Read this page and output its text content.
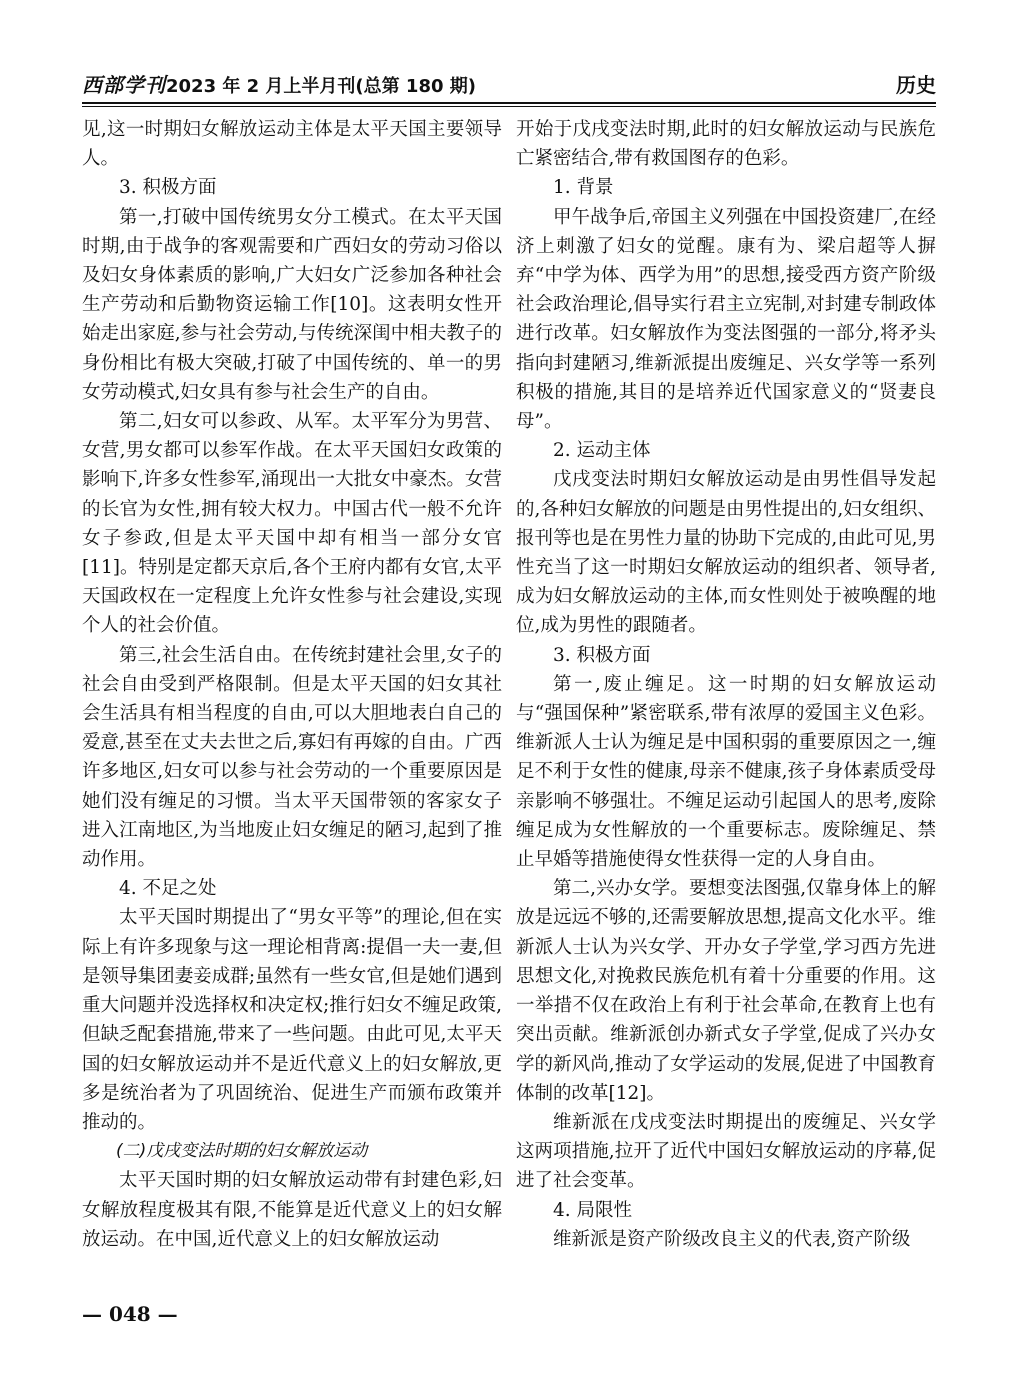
西部学刊 2023 年 2 月上半月刊(总第 180 期)	历史

见,这一时期妇女解放运动主体是太平天国主要领导人。

3. 积极方面

第一,打破中国传统男女分工模式。在太平天国时期,由于战争的客观需要和广西妇女的劳动习俗以及妇女身体素质的影响,广大妇女广泛参加各种社会生产劳动和后勤物资运输工作[10]。这表明女性开始走出家庭,参与社会劳动,与传统深闺中相夫教子的身份相比有极大突破,打破了中国传统的、单一的男女劳动模式,妇女具有参与社会生产的自由。

第二,妇女可以参政、从军。太平军分为男营、女营,男女都可以参军作战。在太平天国妇女政策的影响下,许多女性参军,涌现出一大批女中豪杰。女营的长官为女性,拥有较大权力。中国古代一般不允许女子参政,但是太平天国中却有相当一部分女官[11]。特别是定都天京后,各个王府内都有女官,太平天国政权在一定程度上允许女性参与社会建设,实现个人的社会价值。

第三,社会生活自由。在传统封建社会里,女子的社会自由受到严格限制。但是太平天国的妇女其社会生活具有相当程度的自由,可以大胆地表白自己的爱意,甚至在丈夫去世之后,寡妇有再嫁的自由。广西许多地区,妇女可以参与社会劳动的一个重要原因是她们没有缠足的习惯。当太平天国带领的客家女子进入江南地区,为当地废止妇女缠足的陋习,起到了推动作用。

4. 不足之处

太平天国时期提出了“男女平等”的理论,但在实际上有许多现象与这一理论相背离:提倡一夫一妻,但是领导集团妻妾成群;虽然有一些女官,但是她们遇到重大问题并没选择权和决定权;推行妇女不缠足政策,但缺乏配套措施,带来了一些问题。由此可见,太平天国的妇女解放运动并不是近代意义上的妇女解放,更多是统治者为了巩固统治、促进生产而颁布政策并推动的。

(二)戊戌变法时期的妇女解放运动

太平天国时期的妇女解放运动带有封建色彩,妇女解放程度极其有限,不能算是近代意义上的妇女解放运动。在中国,近代意义上的妇女解放运动

开始于戊戌变法时期,此时的妇女解放运动与民族危亡紧密结合,带有救国图存的色彩。

1. 背景

甲午战争后,帝国主义列强在中国投资建厂,在经济上刺激了妇女的觉醒。康有为、梁启超等人摒弃“中学为体、西学为用”的思想,接受西方资产阶级社会政治理论,倡导实行君主立宪制,对封建专制政体进行改革。妇女解放作为变法图强的一部分,将矛头指向封建陋习,维新派提出废缠足、兴女学等一系列积极的措施,其目的是培养近代国家意义的“贤妻良母”。

2. 运动主体

戊戌变法时期妇女解放运动是由男性倡导发起的,各种妇女解放的问题是由男性提出的,妇女组织、报刊等也是在男性力量的协助下完成的,由此可见,男性充当了这一时期妇女解放运动的组织者、领导者,成为妇女解放运动的主体,而女性则处于被唤醒的地位,成为男性的跟随者。

3. 积极方面

第一,废止缠足。这一时期的妇女解放运动与“强国保种”紧密联系,带有浓厚的爱国主义色彩。维新派人士认为缠足是中国积弱的重要原因之一,缠足不利于女性的健康,母亲不健康,孩子身体素质受母亲影响不够强壮。不缠足运动引起国人的思考,废除缠足成为女性解放的一个重要标志。废除缠足、禁止早婚等措施使得女性获得一定的人身自由。

第二,兴办女学。要想变法图强,仅靠身体上的解放是远远不够的,还需要解放思想,提高文化水平。维新派人士认为兴女学、开办女子学堂,学习西方先进思想文化,对挽救民族危机有着十分重要的作用。这一举措不仅在政治上有利于社会革命,在教育上也有突出贡献。维新派创办新式女子学堂,促成了兴办女学的新风尚,推动了女学运动的发展,促进了中国教育体制的改革[12]。

维新派在戊戌变法时期提出的废缠足、兴女学这两项措施,拉开了近代中国妇女解放运动的序幕,促进了社会变革。

4. 局限性

维新派是资产阶级改良主义的代表,资产阶级

— 048 —
